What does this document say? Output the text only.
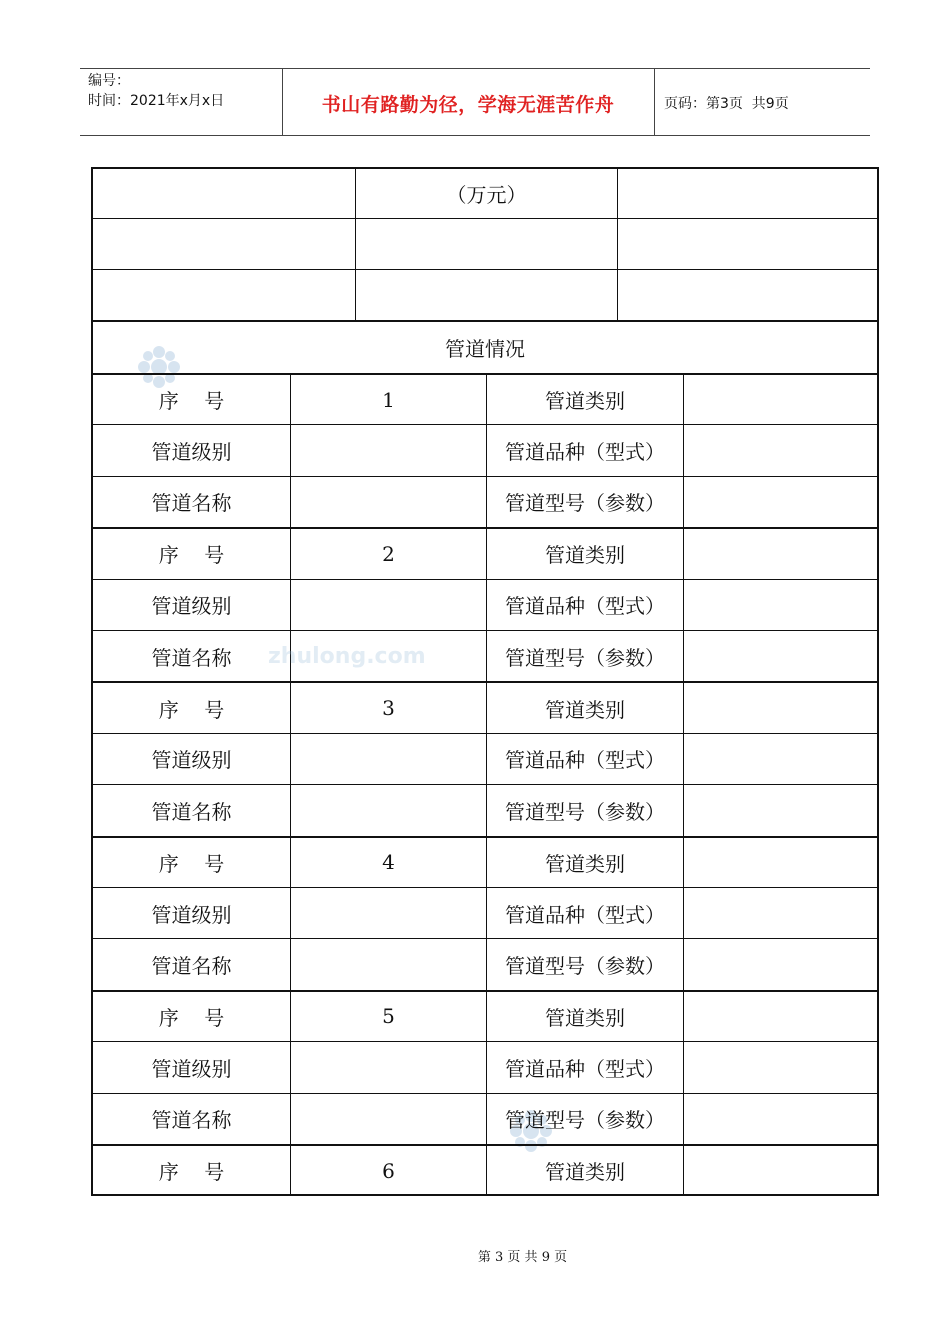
编号：
时间：2021年x月x日	书山有路勤为径，学海无涯苦作舟	页码：第3页  共9页
（万元）
管道情况
序    号	1	管道类别
管道级别	管道品种（型式）
管道名称	管道型号（参数）
序    号	2	管道类别
管道级别	管道品种（型式）
管道名称	管道型号（参数）
序    号	3	管道类别
管道级别	管道品种（型式）
管道名称	管道型号（参数）
序    号	4	管道类别
管道级别	管道品种（型式）
管道名称	管道型号（参数）
序    号	5	管道类别
管道级别	管道品种（型式）
管道名称	管道型号（参数）
序    号	6	管道类别
zhulong.com
第 3 页 共 9 页
